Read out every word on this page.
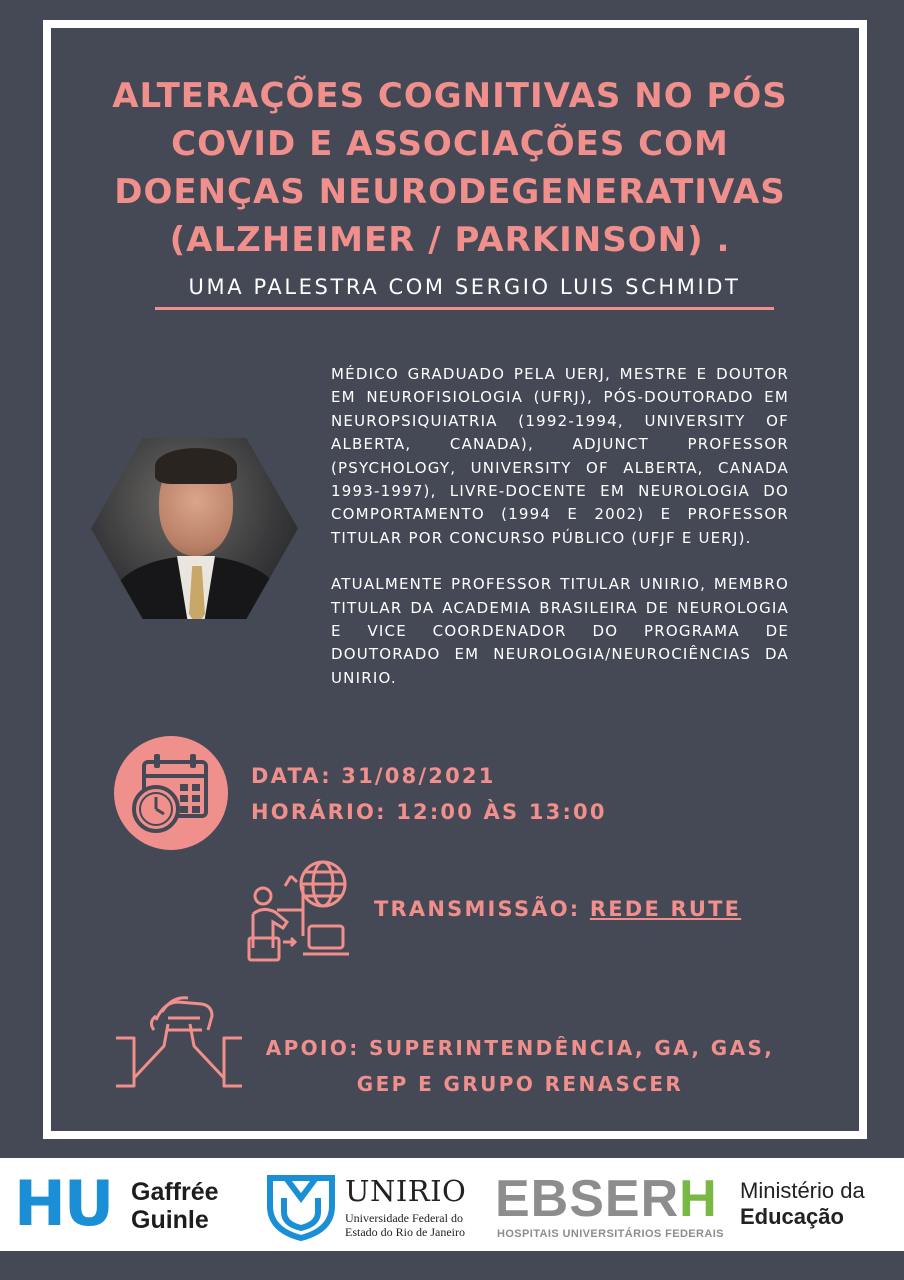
ALTERAÇÕES COGNITIVAS NO PÓS COVID E ASSOCIAÇÕES COM DOENÇAS NEURODEGENERATIVAS (ALZHEIMER / PARKINSON) .
UMA PALESTRA COM SERGIO LUIS SCHMIDT

MÉDICO GRADUADO PELA UERJ, MESTRE E DOUTOR EM NEUROFISIOLOGIA (UFRJ), PÓS-DOUTORADO EM NEUROPSIQUIATRIA (1992-1994, UNIVERSITY OF ALBERTA, CANADA), ADJUNCT PROFESSOR (PSYCHOLOGY, UNIVERSITY OF ALBERTA, CANADA 1993-1997), LIVRE-DOCENTE EM NEUROLOGIA DO COMPORTAMENTO (1994 E 2002) E PROFESSOR TITULAR POR CONCURSO PÚBLICO (UFJF E UERJ).

ATUALMENTE PROFESSOR TITULAR UNIRIO, MEMBRO TITULAR DA ACADEMIA BRASILEIRA DE NEUROLOGIA E VICE COORDENADOR DO PROGRAMA DE DOUTORADO EM NEUROLOGIA/NEUROCIÊNCIAS DA UNIRIO.

DATA: 31/08/2021
HORÁRIO: 12:00 ÀS 13:00
TRANSMISSÃO: REDE RUTE
APOIO: SUPERINTENDÊNCIA, GA, GAS,
GEP E GRUPO RENASCER
HU Gaffrée
Guinle
UNIRIO
Universidade Federal do
Estado do Rio de Janeiro
EBSERH
HOSPITAIS UNIVERSITÁRIOS FEDERAIS
Ministério da
Educação
